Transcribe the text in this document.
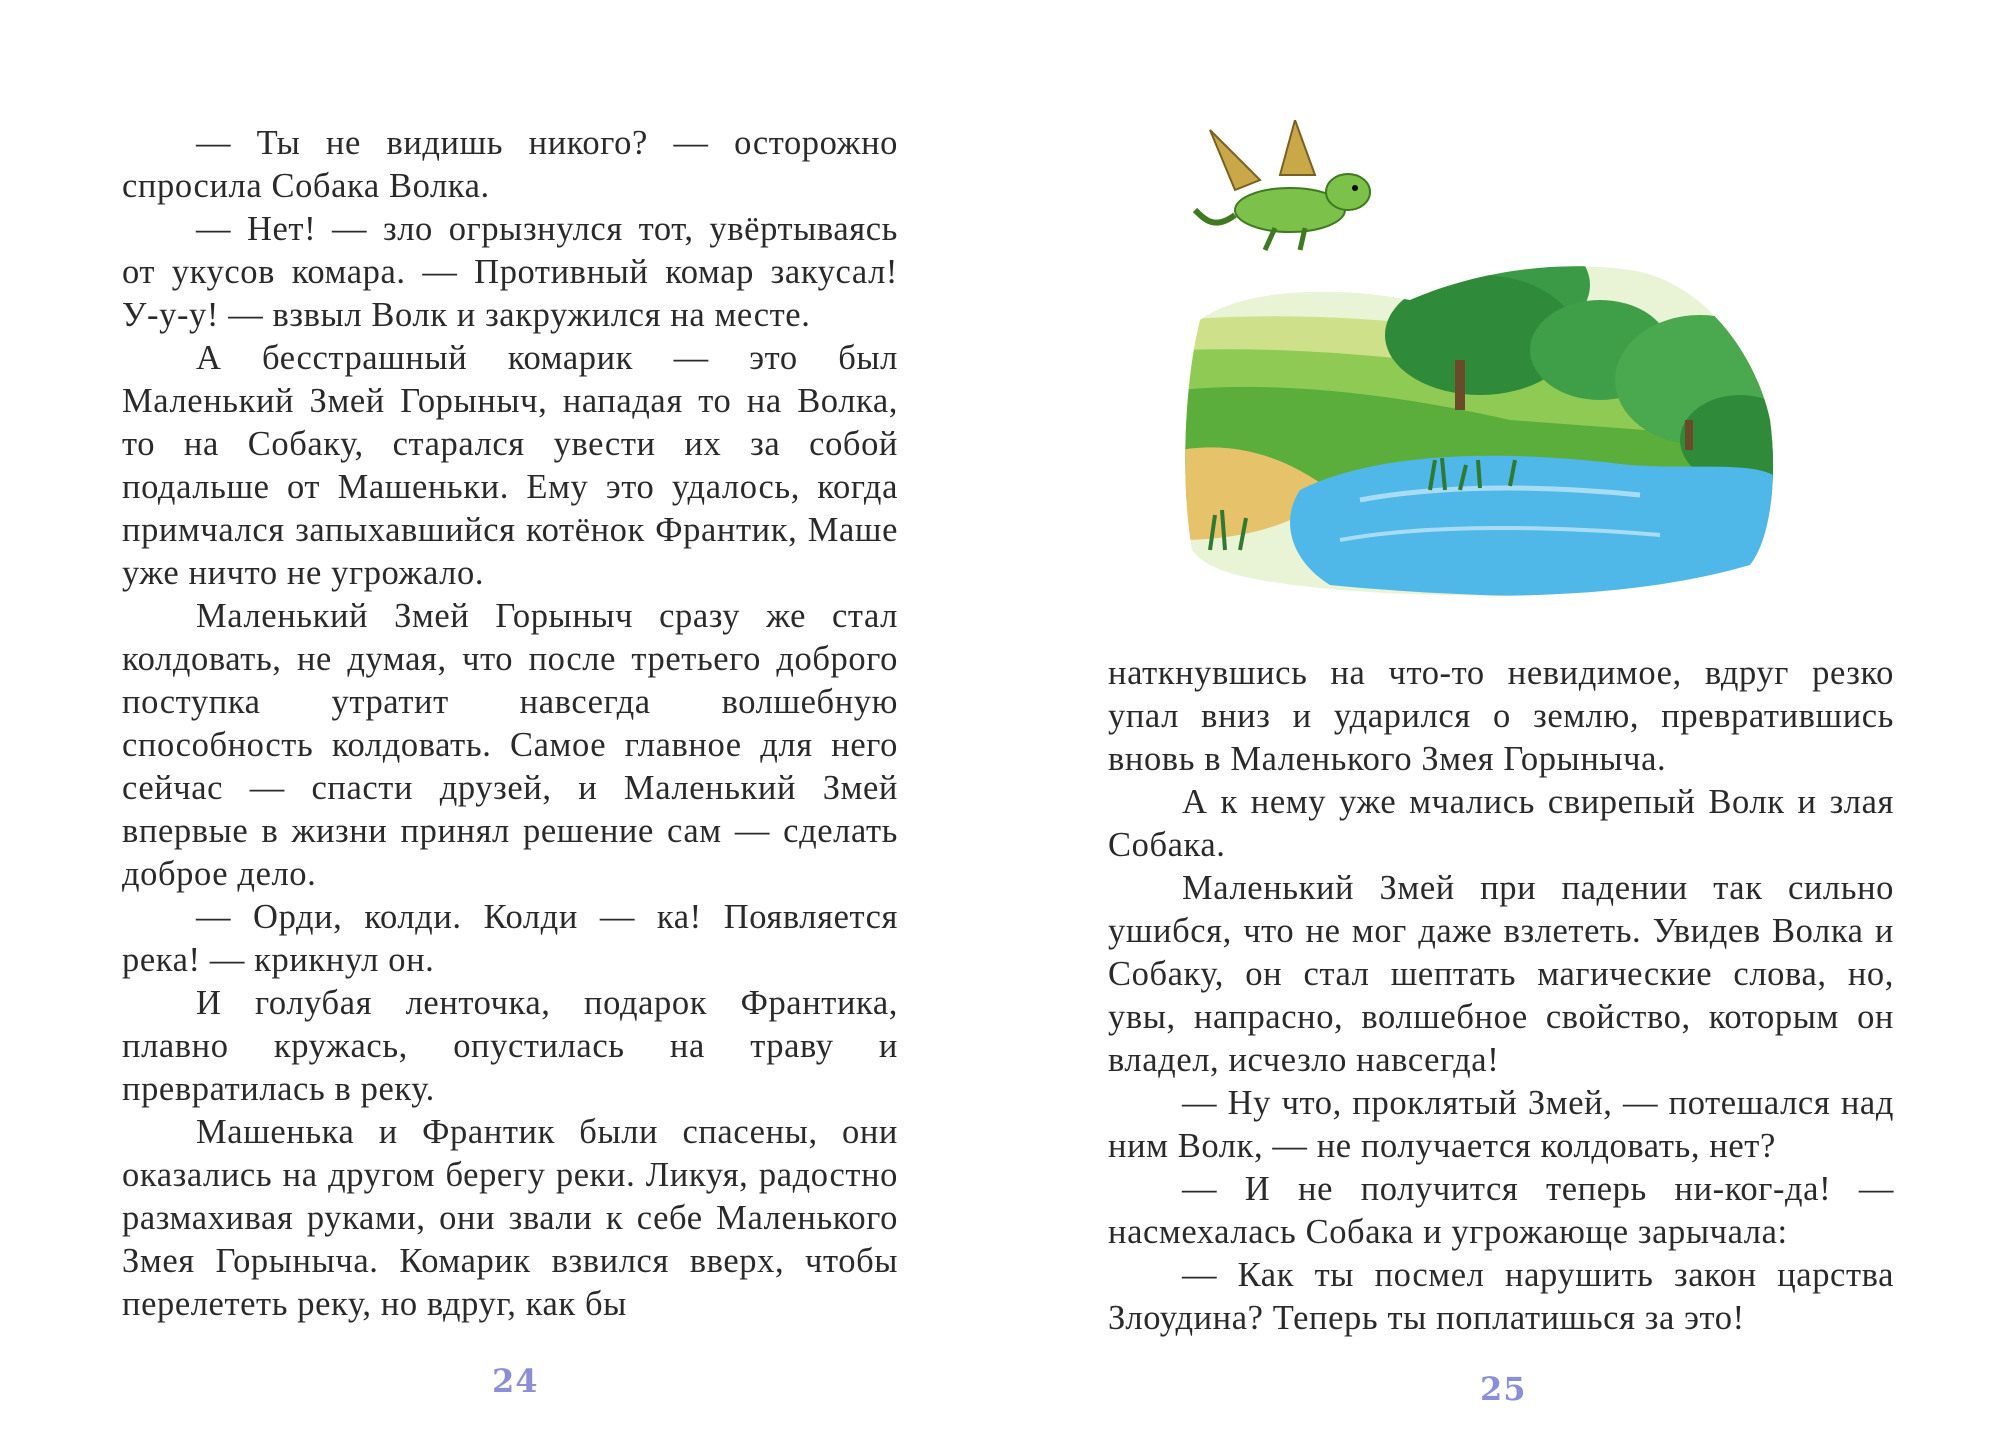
— Ты не видишь никого? — осторожно спросила Собака Волка.

— Нет! — зло огрызнулся тот, увёртываясь от укусов комара. — Противный комар закусал! У-у-у! — взвыл Волк и закружился на месте.

А бесстрашный комарик — это был Маленький Змей Горыныч, нападая то на Волка, то на Собаку, старался увести их за собой подальше от Машеньки. Ему это удалось, когда примчался запыхавшийся котёнок Франтик, Маше уже ничто не угрожало.

Маленький Змей Горыныч сразу же стал колдовать, не думая, что после третьего доброго поступка утратит навсегда волшебную способность колдовать. Самое главное для него сейчас — спасти друзей, и Маленький Змей впервые в жизни принял решение сам — сделать доброе дело.

— Орди, колди. Колди — ка! Появляется река! — крикнул он.

И голубая ленточка, подарок Франтика, плавно кружась, опустилась на траву и превратилась в реку.

Машенька и Франтик были спасены, они оказались на другом берегу реки. Ликуя, радостно размахивая руками, они звали к себе Маленького Змея Горыныча. Комарик взвился вверх, чтобы перелететь реку, но вдруг, как бы

24

наткнувшись на что-то невидимое, вдруг резко упал вниз и ударился о землю, превратившись вновь в Маленького Змея Горыныча.

А к нему уже мчались свирепый Волк и злая Собака.

Маленький Змей при падении так сильно ушибся, что не мог даже взлететь. Увидев Волка и Собаку, он стал шептать магические слова, но, увы, напрасно, волшебное свойство, которым он владел, исчезло навсегда!

— Ну что, проклятый Змей, — потешался над ним Волк, — не получается колдовать, нет?

— И не получится теперь ни-ког-да! — насмехалась Собака и угрожающе зарычала:

— Как ты посмел нарушить закон царства Злоудина? Теперь ты поплатишься за это!

25
